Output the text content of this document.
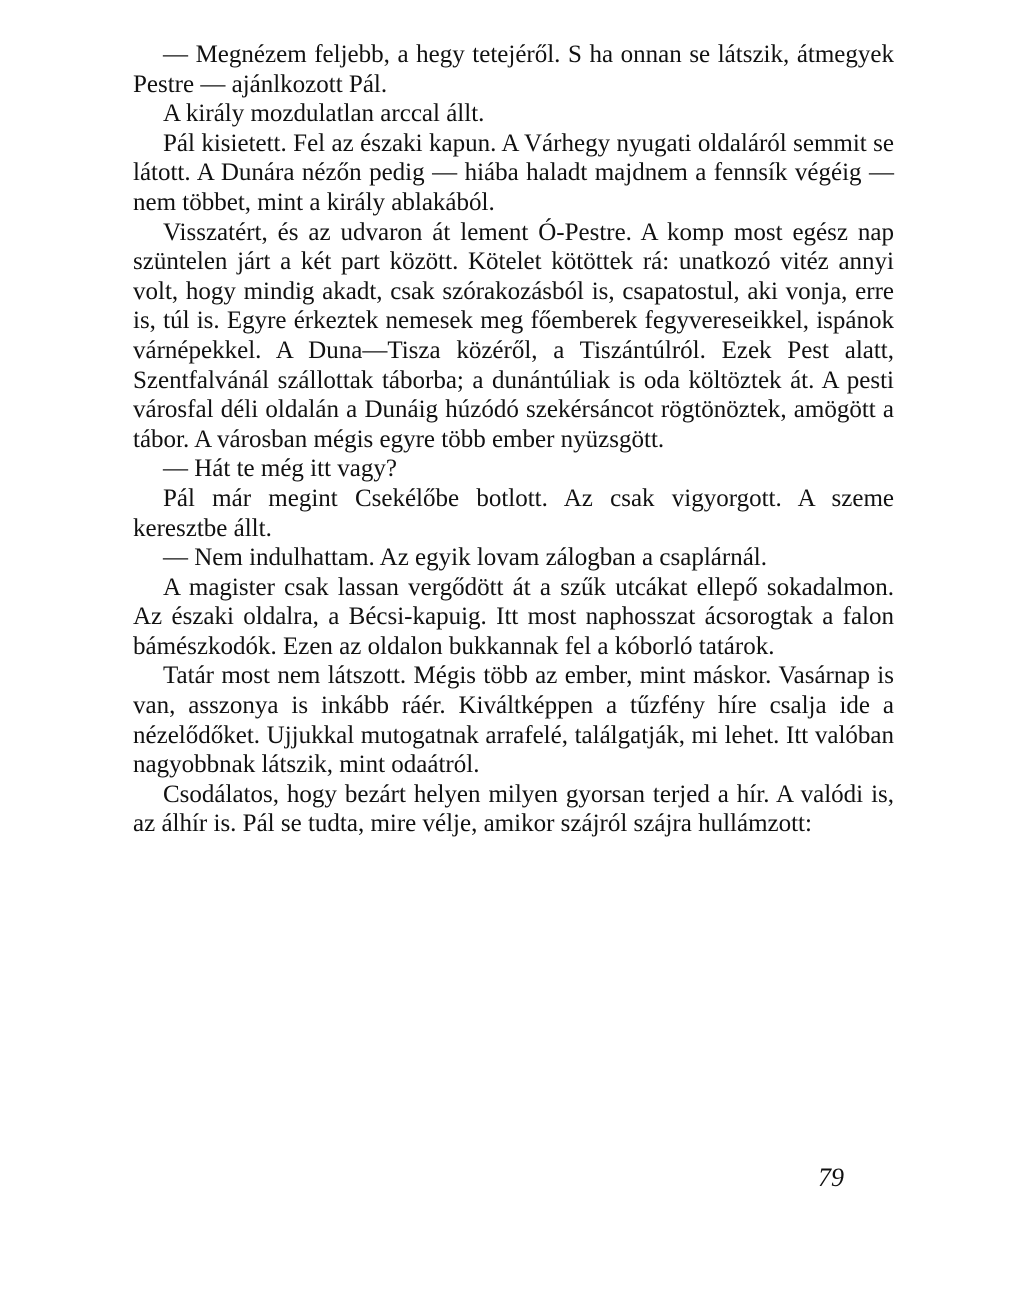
— Megnézem feljebb, a hegy tetejéről. S ha onnan se látszik, átmegyek Pestre — ajánlkozott Pál.

A király mozdulatlan arccal állt.

Pál kisietett. Fel az északi kapun. A Várhegy nyugati oldaláról semmit se látott. A Dunára nézőn pedig — hiába haladt majdnem a fennsík végéig — nem többet, mint a király ablakából.

Visszatért, és az udvaron át lement Ó-Pestre. A komp most egész nap szüntelen járt a két part között. Kötelet kötöttek rá: unatkozó vitéz annyi volt, hogy mindig akadt, csak szórakozásból is, csapatostul, aki vonja, erre is, túl is. Egyre érkeztek nemesek meg főemberek fegyvereseikkel, ispánok várnépekkel. A Duna—Tisza közéről, a Tiszántúlról. Ezek Pest alatt, Szentfalvánál szállottak táborba; a dunántúliak is oda költöztek át. A pesti városfal déli oldalán a Dunáig húzódó szekérsáncot rögtönöztek, amögött a tábor. A városban mégis egyre több ember nyüzsgött.

— Hát te még itt vagy?

Pál már megint Csekélőbe botlott. Az csak vigyorgott. A szeme keresztbe állt.

— Nem indulhattam. Az egyik lovam zálogban a csaplárnál.

A magister csak lassan vergődött át a szűk utcákat ellepő sokadalmon. Az északi oldalra, a Bécsi-kapuig. Itt most naphosszat ácsorogtak a falon bámészkodók. Ezen az oldalon bukkannak fel a kóborló tatárok.

Tatár most nem látszott. Mégis több az ember, mint máskor. Vasárnap is van, asszonya is inkább ráér. Kiváltképpen a tűzfény híre csalja ide a nézelődőket. Ujjukkal mutogatnak arrafelé, találgatják, mi lehet. Itt valóban nagyobbnak látszik, mint odaátról.

Csodálatos, hogy bezárt helyen milyen gyorsan terjed a hír. A valódi is, az álhír is. Pál se tudta, mire vélje, amikor szájról szájra hullámzott:

79
